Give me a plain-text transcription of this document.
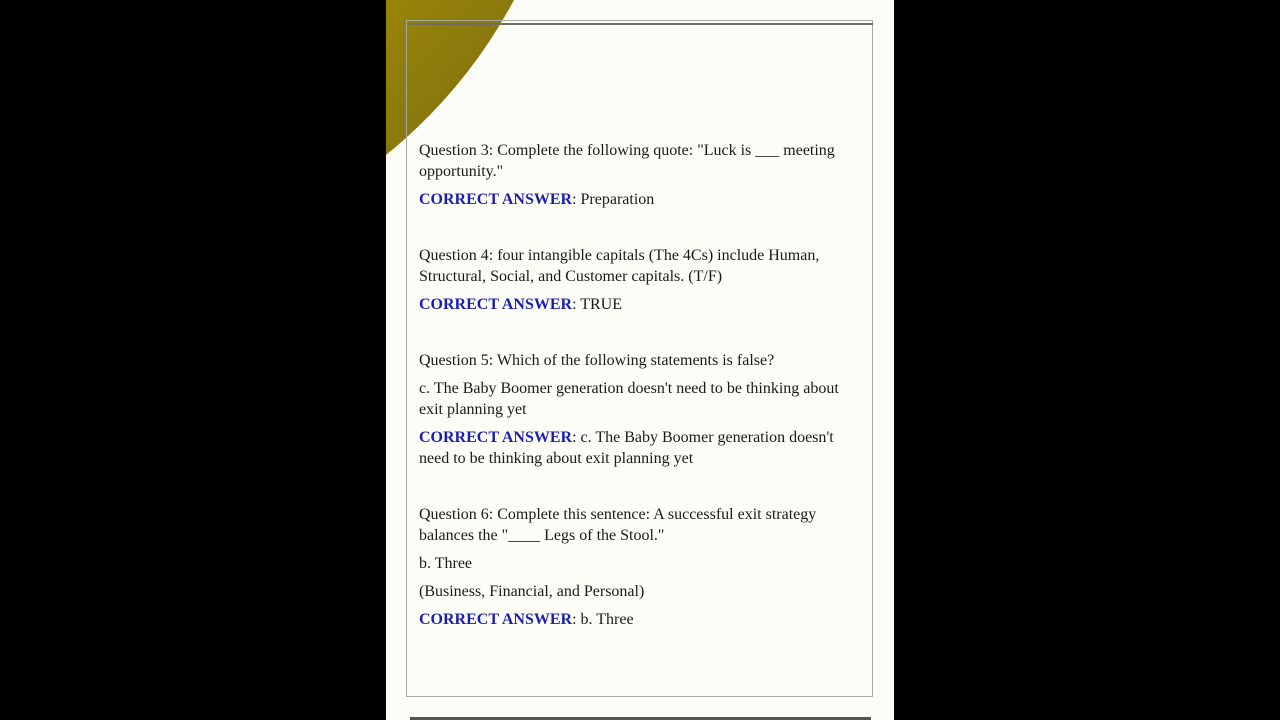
Question 3: Complete the following quote: "Luck is ___ meeting opportunity."

CORRECT ANSWER: Preparation

Question 4: four intangible capitals (The 4Cs) include Human, Structural, Social, and Customer capitals. (T/F)

CORRECT ANSWER: TRUE

Question 5: Which of the following statements is false?

c. The Baby Boomer generation doesn't need to be thinking about exit planning yet

CORRECT ANSWER: c. The Baby Boomer generation doesn't need to be thinking about exit planning yet

Question 6: Complete this sentence: A successful exit strategy balances the "____ Legs of the Stool."

b. Three

(Business, Financial, and Personal)

CORRECT ANSWER: b. Three
